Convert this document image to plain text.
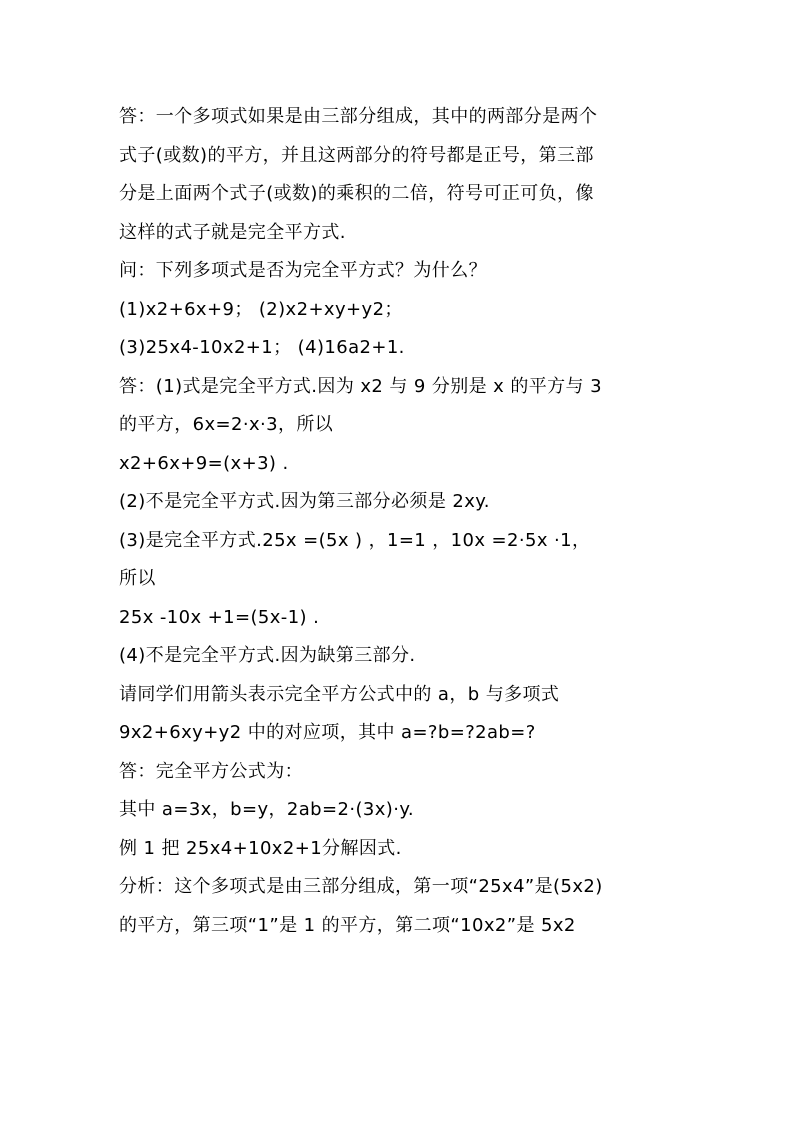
答：一个多项式如果是由三部分组成，其中的两部分是两个
式子(或数)的平方，并且这两部分的符号都是正号，第三部
分是上面两个式子(或数)的乘积的二倍，符号可正可负，像
这样的式子就是完全平方式.
问：下列多项式是否为完全平方式？为什么？
(1)x2+6x+9； (2)x2+xy+y2；
(3)25x4-10x2+1； (4)16a2+1.
答：(1)式是完全平方式.因为 x2 与 9 分别是 x 的平方与 3
的平方，6x=2·x·3，所以
x2+6x+9=(x+3) .
(2)不是完全平方式.因为第三部分必须是 2xy.
(3)是完全平方式.25x =(5x ) ，1=1 ，10x =2·5x ·1，
所以
25x -10x +1=(5x-1) .
(4)不是完全平方式.因为缺第三部分.
请同学们用箭头表示完全平方公式中的 a，b 与多项式
9x2+6xy+y2 中的对应项，其中 a=?b=?2ab=?
答：完全平方公式为：
其中 a=3x，b=y，2ab=2·(3x)·y.
例 1 把 25x4+10x2+1分解因式.
分析：这个多项式是由三部分组成，第一项“25x4”是(5x2)
的平方，第三项“1”是 1 的平方，第二项“10x2”是 5x2
